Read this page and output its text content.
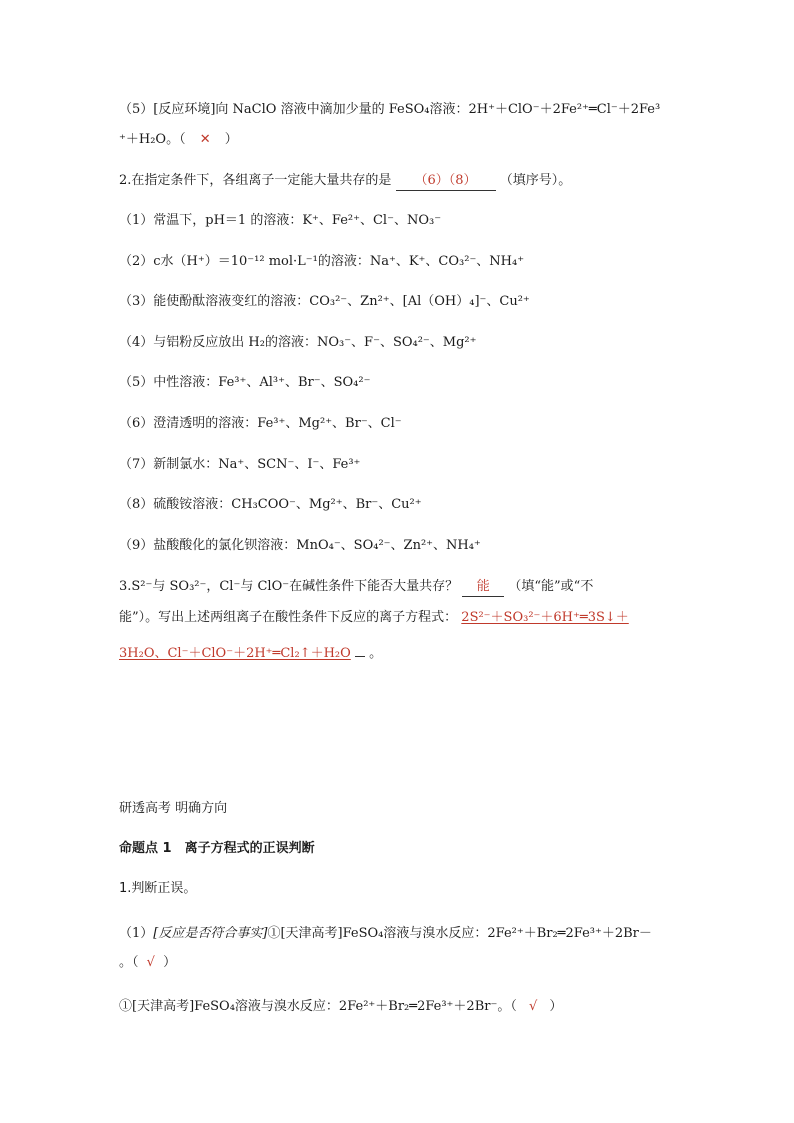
（5）[反应环境]向 NaClO 溶液中滴加少量的 FeSO₄溶液：2H⁺＋ClO⁻＋2Fe²⁺═Cl⁻＋2Fe³
⁺＋H₂O。（ ✕ ）
2.在指定条件下，各组离子一定能大量共存的是 （6）（8） （填序号）。
（1）常温下，pH＝1 的溶液：K⁺、Fe²⁺、Cl⁻、NO₃⁻
（2）c水（H⁺）＝10⁻¹² mol·L⁻¹的溶液：Na⁺、K⁺、CO₃²⁻、NH₄⁺
（3）能使酚酞溶液变红的溶液：CO₃²⁻、Zn²⁺、[Al（OH）₄]⁻、Cu²⁺
（4）与铝粉反应放出 H₂的溶液：NO₃⁻、F⁻、SO₄²⁻、Mg²⁺
（5）中性溶液：Fe³⁺、Al³⁺、Br⁻、SO₄²⁻
（6）澄清透明的溶液：Fe³⁺、Mg²⁺、Br⁻、Cl⁻
（7）新制氯水：Na⁺、SCN⁻、I⁻、Fe³⁺
（8）硫酸铵溶液：CH₃COO⁻、Mg²⁺、Br⁻、Cu²⁺
（9）盐酸酸化的氯化钡溶液：MnO₄⁻、SO₄²⁻、Zn²⁺、NH₄⁺
3.S²⁻与 SO₃²⁻，Cl⁻与 ClO⁻在碱性条件下能否大量共存？ 能 （填“能”或“不
能”）。写出上述两组离子在酸性条件下反应的离子方程式： 2S²⁻＋SO₃²⁻＋6H⁺═3S↓＋
3H₂O、Cl⁻＋ClO⁻＋2H⁺═Cl₂↑＋H₂O 。
研透高考 明确方向
命题点 1　离子方程式的正误判断
1.判断正误。
（1）[反应是否符合事实]①[天津高考]FeSO₄溶液与溴水反应：2Fe²⁺＋Br₂═2Fe³⁺＋2Br－
。（ √ ）
①[天津高考]FeSO₄溶液与溴水反应：2Fe²⁺＋Br₂═2Fe³⁺＋2Br⁻。（ √ ）
